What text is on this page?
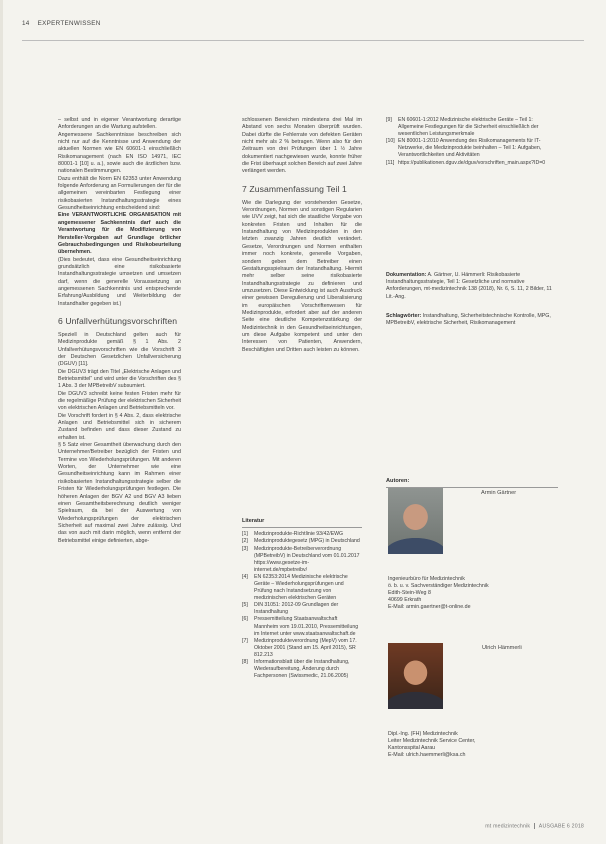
14 EXPERTENWISSEN

– selbst und in eigener Verantwortung derartige Anforderungen an die Wartung aufstellen.

Angemessene Sachkenntnisse beschreiben sich nicht nur auf die Kenntnisse und Anwendung der aktuellen Normen wie EN 60601-1 einschließlich Risikomanagement (nach EN ISO 14971, IEC 80001-1 [10] u. a.), sowie auch die ärztlichen bzw. nationalen Bestimmungen.

Dazu enthält die Norm EN 62353 unter Anwendung folgende Anforderung an Formulierungen der für die allgemeinen vereinbarten Festlegung einer risikobasierten Instandhaltungsstrategie eines Gesundheitseinrichtung entscheidend sind:

Eine VERANTWORTLICHE ORGANISATION mit angemessener Sachkenntnis darf auch die Verantwortung für die Modifizierung von Hersteller-Vorgaben auf Grundlage örtlicher Gebrauchsbedingungen und Risikobeurteilung übernehmen.

(Dies bedeutet, dass eine Gesundheitseinrichtung grundsätzlich eine risikobasierte Instandhaltungsstrategie umsetzen und umsetzen darf, wenn die generelle Voraussetzung an angemessenen Sachkenntnis und entsprechende Erfahrung/Ausbildung und Weiterbildung der Instandhalter gegeben ist.)

6 Unfallverhütungsvorschriften

Speziell in Deutschland gelten auch für Medizinprodukte gemäß § 1 Abs. 2 Unfallverhütungsvorschriften wie die Vorschrift 3 der Deutschen Gesetzlichen Unfallversicherung (DGUV) [11].

Die DGUV3 trägt den Titel „Elektrische Anlagen und Betriebsmittel“ und wird unter die Vorschriften des § 1 Abs. 3 der MPBetreibV subsumiert.

Die DGUV3 schreibt keine festen Fristen mehr für die regelmäßige Prüfung der elektrischen Sicherheit von elektrischen Anlagen und Betriebsmitteln vor.

Die Vorschrift fordert in § 4 Abs. 2, dass elektrische Anlagen und Betriebsmittel sich in sicherem Zustand befinden und dass dieser Zustand zu erhalten ist.

§ 5 Satz einer Gesamtheit überwachung durch den Unternehmer/Betreiber bezüglich der Fristen und Termine von Wiederholungsprüfungen. Mit anderen Worten, der Unternehmer wie eine Gesundheitseinrichtung kann im Rahmen einer risikobasierten Instandhaltungsstrategie selber die Fristen für Wiederholungsprüfungen festlegen. Die höheren Anlagen der BGV A2 und BGV A3 lieben einen Gesamtheitsberechnung deutlich weniger Spielraum, da bei der Auswertung von Wiederholungsprüfungen der elektrischen Sicherheit auf maximal zwei Jahre zulässig. Und das von auch mit darin möglich, wenn entfernt der Betriebsmittel einige definierten, abge-

schlossenen Bereichen mindestens drei Mal im Abstand von sechs Monaten überprüft wurden. Dabei dürfte die Fehlerrate von defekten Geräten nicht mehr als 2 % betragen. Wenn also für den Zeitraum von drei Prüfungen über 1 ½ Jahre dokumentiert nachgewiesen wurde, konnte früher die Frist überhaupt solchen Bereich auf zwei Jahre verlängert werden.

7 Zusammenfassung Teil 1

Wie die Darlegung der vorstehenden Gesetze, Verordnungen, Normen und sonstigen Regularien wie UVV zeigt, hat sich die staatliche Vorgabe von konkreten Fristen und Inhalten für die Instandhaltung von Medizinprodukten in den letzten zwanzig Jahren deutlich verändert. Gesetze, Verordnungen und Normen enthalten immer noch konkrete, generelle Vorgaben, sondern geben dem Betreiber einen Gestaltungsspielraum der Instandhaltung. Hiermit mehr selber seine risikobasierte Instandhaltungsstrategie zu definieren und umzusetzen. Diese Entwicklung ist auch Ausdruck einer gewissen Deregulierung und Liberalisierung im europäischen Vorschriftenwesen für Medizinprodukte, erfordert aber auf der anderen Seite eine deutliche Kompetenzstärkung der Medizintechnik in den Gesundheitseinrichtungen, um diese Aufgabe kompetent und unter den Interessen von Patienten, Anwendern, Beschäftigten und Dritten auch leisten zu können.

Literatur
[1]	Medizinprodukte-Richtlinie 93/42/EWG
[2]	Medizinproduktegesetz (MPG) in Deutschland
[3]	Medizinprodukte-Betreiberverordnung (MPBetreibV) in Deutschland vom 01.01.2017 https://www.gesetze-im-internet.de/mpbetreibv/
[4]	EN 62353:2014 Medizinische elektrische Geräte – Wiederholungsprüfungen und Prüfung nach Instandsetzung von medizinischen elektrischen Geräten
[5]	DIN 31051: 2012-09 Grundlagen der Instandhaltung
[6]	Pressemitteilung Staatsanwaltschaft Mannheim vom 19.01.2010, Pressemitteilung im Internet unter www.staatsanwaltschaft.de
[7]	Medizinprodukteverordnung (MepV) vom 17. Oktober 2001 (Stand am 15. April 2015), SR 812.213
[8]	Informationsblatt über die Instandhaltung, Wiederaufbereitung, Änderung durch Fachpersonen (Swissmedic, 21.06.2005)
[9]	EN 60601-1:2012 Medizinische elektrische Geräte – Teil 1: Allgemeine Festlegungen für die Sicherheit einschließlich der wesentlichen Leistungsmerkmale
[10] EN 80001-1:2010 Anwendung des Risikomanagements für IT-Netzwerke, die Medizinprodukte beinhalten – Teil 1: Aufgaben, Verantwortlichkeiten und Aktivitäten
[11] https://publikationen.dguv.de/dguv/vorschriften_main.aspx?ID=0
Dokumentation: A. Gärtner, U. Hämmerli: Risikobasierte Instandhaltungsstrategie, Teil 1: Gesetzliche und normative Anforderungen, mt-medizintechnik 138 (2018), Nr. 6, S. 11, 2 Bilder, 11 Lit.-Ang.
Schlagwörter: Instandhaltung, Sicherheitstechnische Kontrolle, MPG, MPBetreibV, elektrische Sicherheit, Risikomanagement
Autoren:
Armin Gärtner
Ingenieurbüro für Medizintechnik
ö. b. u. v. Sachverständiger Medizintechnik
Edith-Stein-Weg 8
40699 Erkrath
E-Mail: armin.gaertner@t-online.de
Ulrich Hämmerli
Dipl.-Ing. (FH) Medizintechnik
Leiter Medizintechnik Service Center,
Kantonsspital Aarau
E-Mail: ulrich.haemmerli@ksa.ch
mt medizintechnik AUSGABE 6 2018
